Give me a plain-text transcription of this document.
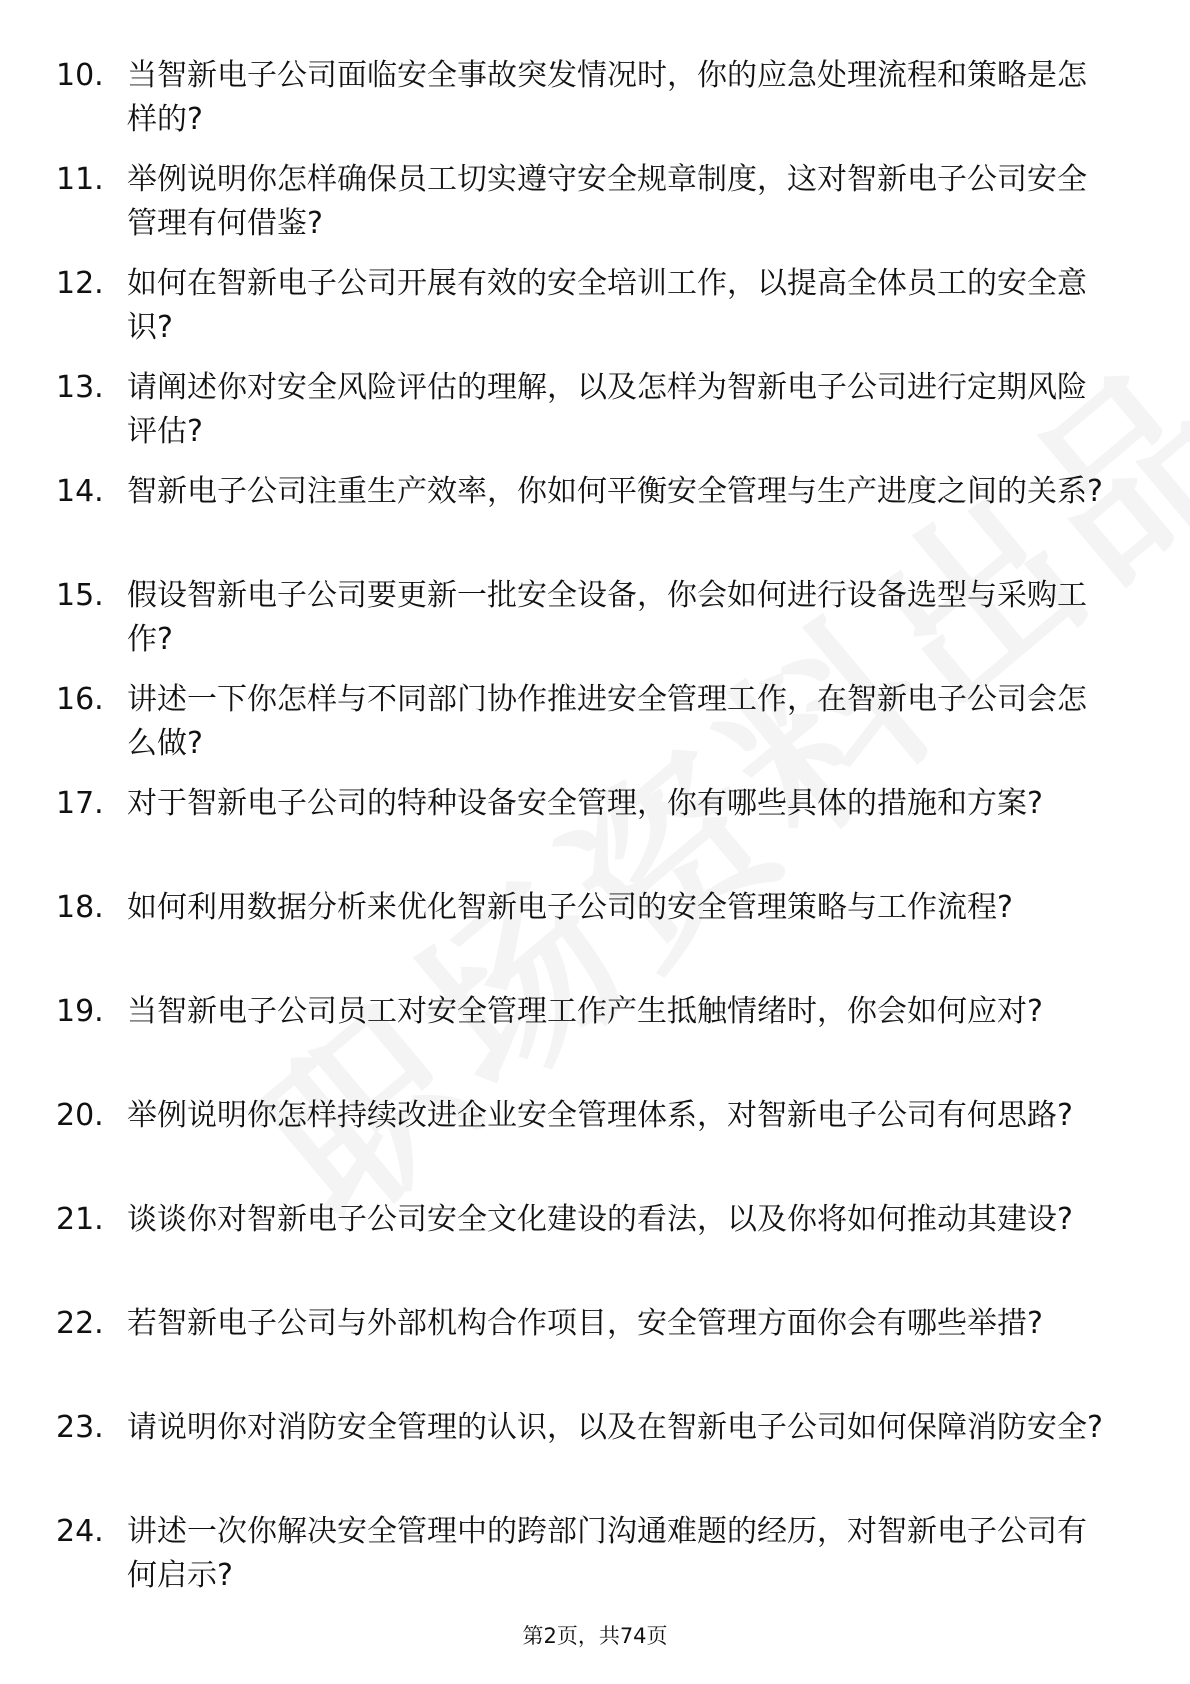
10. 当智新电子公司面临安全事故突发情况时，你的应急处理流程和策略是怎样的?
11. 举例说明你怎样确保员工切实遵守安全规章制度，这对智新电子公司安全管理有何借鉴?
12. 如何在智新电子公司开展有效的安全培训工作，以提高全体员工的安全意识?
13. 请阐述你对安全风险评估的理解，以及怎样为智新电子公司进行定期风险评估?
14. 智新电子公司注重生产效率，你如何平衡安全管理与生产进度之间的关系?
15. 假设智新电子公司要更新一批安全设备，你会如何进行设备选型与采购工作?
16. 讲述一下你怎样与不同部门协作推进安全管理工作，在智新电子公司会怎么做?
17. 对于智新电子公司的特种设备安全管理，你有哪些具体的措施和方案?
18. 如何利用数据分析来优化智新电子公司的安全管理策略与工作流程?
19. 当智新电子公司员工对安全管理工作产生抵触情绪时，你会如何应对?
20. 举例说明你怎样持续改进企业安全管理体系，对智新电子公司有何思路?
21. 谈谈你对智新电子公司安全文化建设的看法，以及你将如何推动其建设?
22. 若智新电子公司与外部机构合作项目，安全管理方面你会有哪些举措?
23. 请说明你对消防安全管理的认识，以及在智新电子公司如何保障消防安全?
24. 讲述一次你解决安全管理中的跨部门沟通难题的经历，对智新电子公司有何启示?
第2页，共74页
